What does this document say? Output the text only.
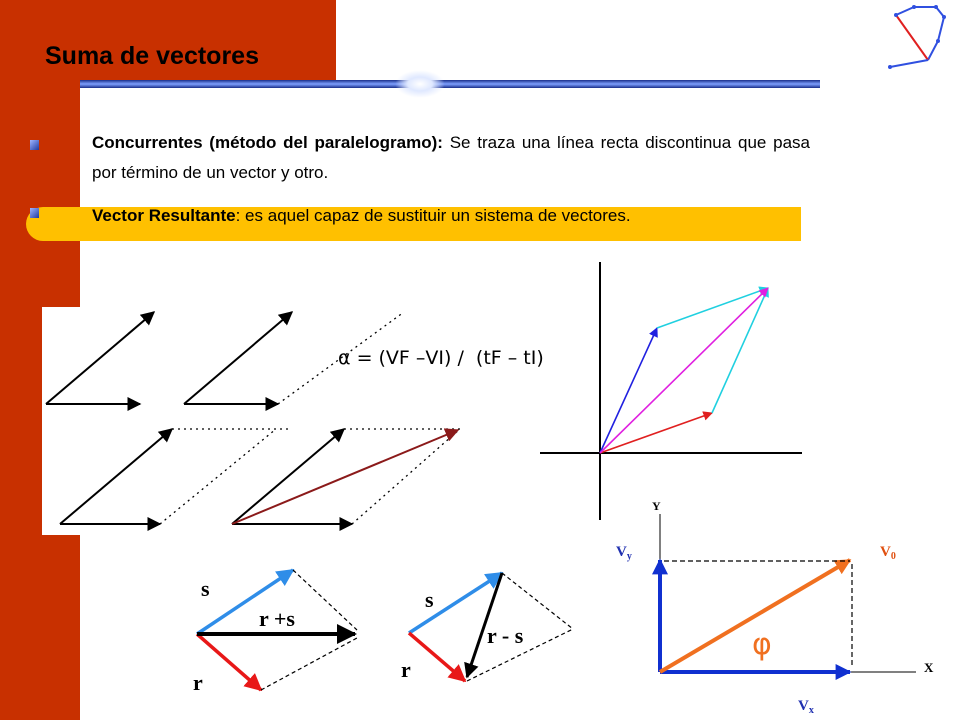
Suma de vectores
Concurrentes (método del paralelogramo): Se traza una línea recta discontinua que pasa por término de un vector y otro.
Vector Resultante: es aquel capaz de sustituir un sistema de vectores.
α = (VF –VI) /  (tF – tI)
s
r
r +s
s
r
r - s
Y
X
$V_y$
$V_x$
$V_0$
φ
